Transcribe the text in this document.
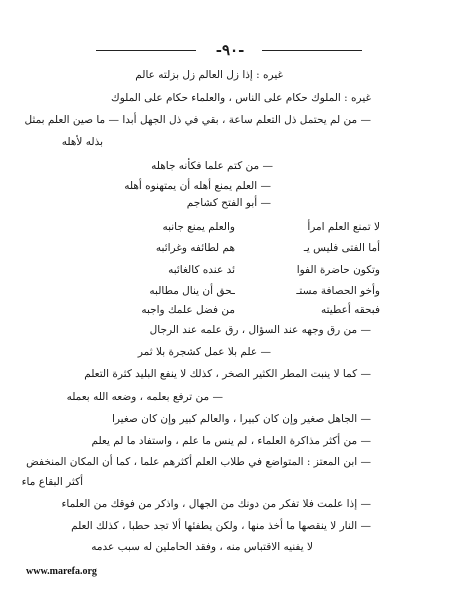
-٩٠-
غيره : إذا زل العالم زل بزلته عالم
غيره : الملوك حكام على الناس ، والعلماء حكام على الملوك
— من لم يحتمل ذل التعلم ساعة ، بقي في ذل الجهل أبدا — ما صين العلم بمثل
بذله لأهله
— من كتم علما فكأنه جاهله
— العلم يمنع أهله أن يمتهنوه أهله
— أبو الفتح كشاجم
لا تمنع العلم امرأ
والعلم يمنع جانبه
أما الفتى فليس يـ
هم لطائفه وغرائبه
وتكون حاضرة الفوا
ئد عنده كالغائبه
وأخو الحصافة مستـ
ـحق أن ينال مطالبه
فبحقه أعطيته
من فضل علمك واجبه
— من رق وجهه عند السؤال ، رق علمه عند الرجال
— علم بلا عمل كشجرة بلا ثمر
— كما لا ينبت المطر الكثير الصخر ، كذلك لا ينفع البليد كثرة التعلم
— من ترفع بعلمه ، وضعه الله بعمله
— الجاهل صغير وإن كان كبيرا ، والعالم كبير وإن كان صغيرا
— من أكثر مذاكرة العلماء ، لم ينس ما علم ، واستفاد ما لم يعلم
— ابن المعتز : المتواضع في طلاب العلم أكثرهم علما ، كما أن المكان المنخفض
أكثر البقاع ماء
— إذا علمت فلا تفكر من دونك من الجهال ، واذكر من فوقك من العلماء
— النار لا ينقصها ما أخذ منها ، ولكن يطفئها ألا تجد حطبا ، كذلك العلم
لا يفنيه الاقتباس منه ، وفقد الحاملين له سبب عدمه
www.marefa.org
